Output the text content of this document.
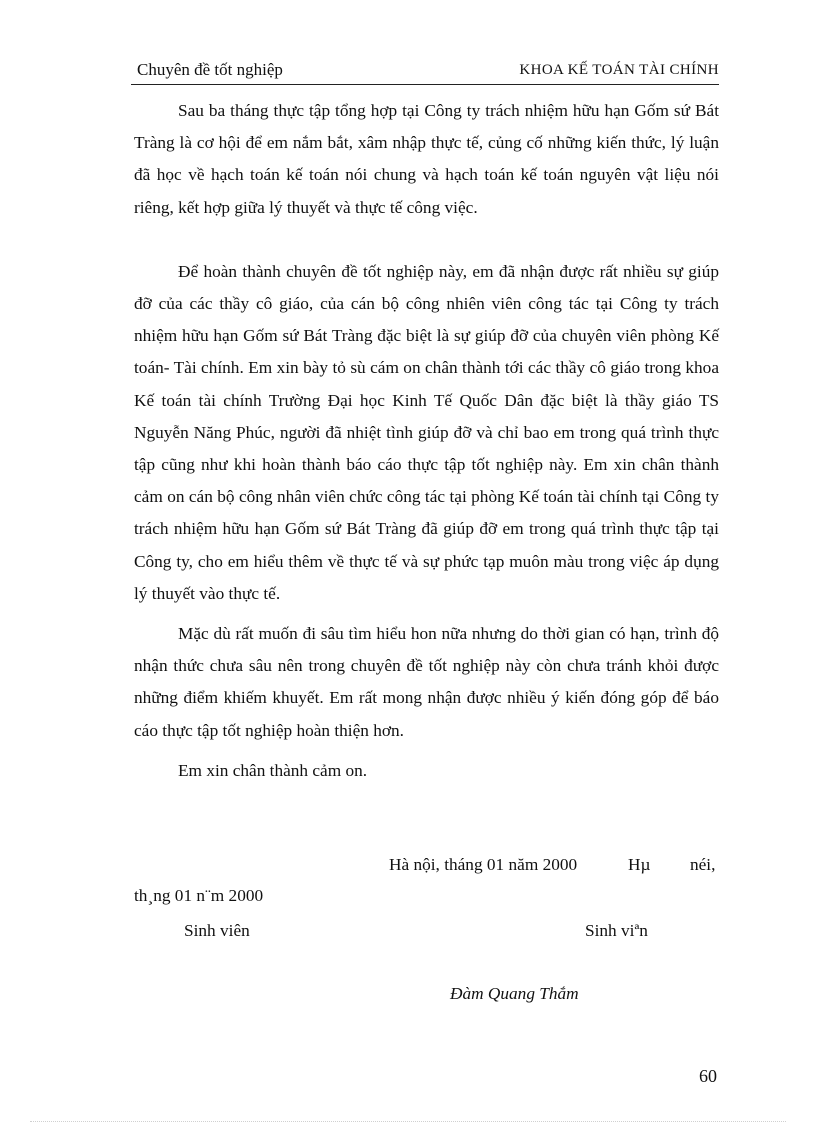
Chuyên đề tốt nghiệp	KHOA KẾ TOÁN TÀI CHÍNH

Sau ba tháng thực tập tổng hợp tại Công ty trách nhiệm hữu hạn Gốm sứ Bát Tràng là cơ hội để em nắm bắt, xâm nhập thực tế, củng cố những kiến thức, lý luận đã học về hạch toán kế toán nói chung và hạch toán kế toán nguyên vật liệu nói riêng, kết hợp giữa lý thuyết và thực tế công việc.

Để hoàn thành chuyên đề tốt nghiệp này, em đã nhận được rất nhiều sự giúp đỡ của các thầy cô giáo, của cán bộ công nhiên viên công tác tại Công ty trách nhiệm hữu hạn Gốm sứ Bát Tràng đặc biệt là sự giúp đỡ của chuyên viên phòng Kế toán- Tài chính. Em xin bày tỏ sù cám on chân thành tới các thầy cô giáo trong khoa Kế toán tài chính Trường Đại học Kinh Tế Quốc Dân đặc biệt là thầy giáo TS Nguyễn Năng Phúc, người đã nhiệt tình giúp đỡ và chỉ bao em trong quá trình thực tập cũng như khi hoàn thành báo cáo thực tập tốt nghiệp này. Em xin chân thành cảm on cán bộ công nhân viên chức công tác tại phòng Kế toán tài chính tại Công ty trách nhiệm hữu hạn Gốm sứ Bát Tràng đã giúp đỡ em trong quá trình thực tập tại Công ty, cho em hiểu thêm về thực tế và sự phức tạp muôn màu trong việc áp dụng lý thuyết vào thực tế.

Mặc dù rất muốn đi sâu tìm hiểu hon nữa nhưng do thời gian có hạn, trình độ nhận thức chưa sâu nên trong chuyên đề tốt nghiệp này còn chưa tránh khỏi được những điểm khiếm khuyết. Em rất mong nhận được nhiều ý kiến đóng góp để báo cáo thực tập tốt nghiệp hoàn thiện hơn.

Em xin chân thành cảm on.

Hà nội, tháng 01 năm 2000	Hµ néi,
th¸ng 01 n¨m 2000
Sinh viên	Sinh viªn
Đàm Quang Thắm
60
